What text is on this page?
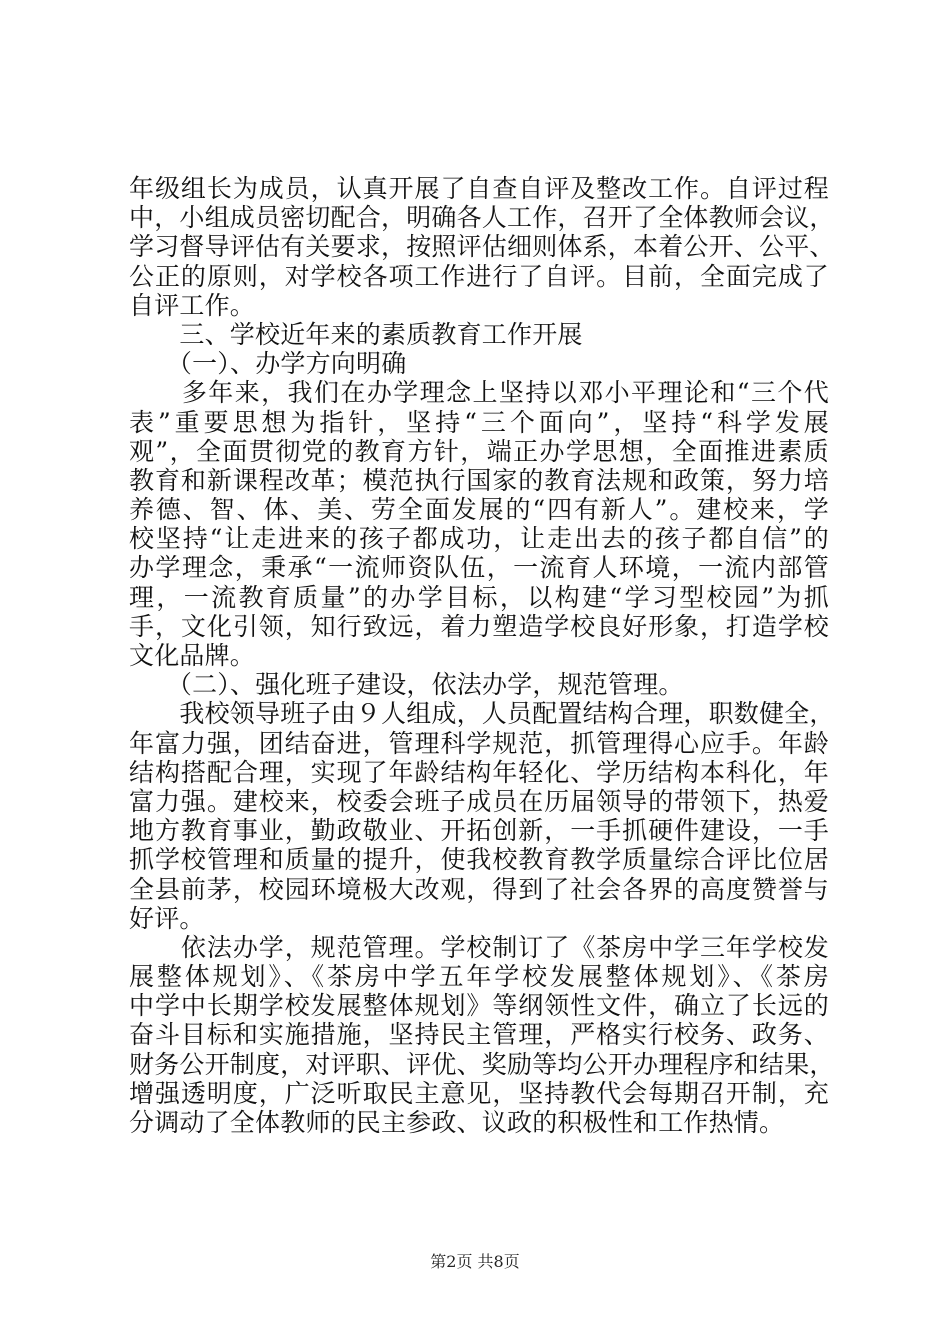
年级组长为成员，认真开展了自查自评及整改工作。自评过程
中，小组成员密切配合，明确各人工作，召开了全体教师会议，
学习督导评估有关要求，按照评估细则体系，本着公开、公平、
公正的原则，对学校各项工作进行了自评。目前，全面完成了
自评工作。
　　三、学校近年来的素质教育工作开展
　　（一）、办学方向明确
　　多年来，我们在办学理念上坚持以邓小平理论和“三个代
表”重要思想为指针，坚持“三个面向”，坚持“科学发展
观”，全面贯彻党的教育方针，端正办学思想，全面推进素质
教育和新课程改革；模范执行国家的教育法规和政策，努力培
养德、智、体、美、劳全面发展的“四有新人”。建校来，学
校坚持“让走进来的孩子都成功，让走出去的孩子都自信”的
办学理念，秉承“一流师资队伍，一流育人环境，一流内部管
理，一流教育质量”的办学目标，以构建“学习型校园”为抓
手，文化引领，知行致远，着力塑造学校良好形象，打造学校
文化品牌。
　　（二）、强化班子建设，依法办学，规范管理。
　　我校领导班子由９人组成，人员配置结构合理，职数健全，
年富力强，团结奋进，管理科学规范，抓管理得心应手。年龄
结构搭配合理，实现了年龄结构年轻化、学历结构本科化，年
富力强。建校来，校委会班子成员在历届领导的带领下，热爱
地方教育事业，勤政敬业、开拓创新，一手抓硬件建设，一手
抓学校管理和质量的提升，使我校教育教学质量综合评比位居
全县前茅，校园环境极大改观，得到了社会各界的高度赞誉与
好评。
　　依法办学，规范管理。学校制订了《茶房中学三年学校发
展整体规划》、《茶房中学五年学校发展整体规划》、《茶房
中学中长期学校发展整体规划》等纲领性文件，确立了长远的
奋斗目标和实施措施，坚持民主管理，严格实行校务、政务、
财务公开制度，对评职、评优、奖励等均公开办理程序和结果，
增强透明度，广泛听取民主意见，坚持教代会每期召开制，充
分调动了全体教师的民主参政、议政的积极性和工作热情。
第2页 共8页
